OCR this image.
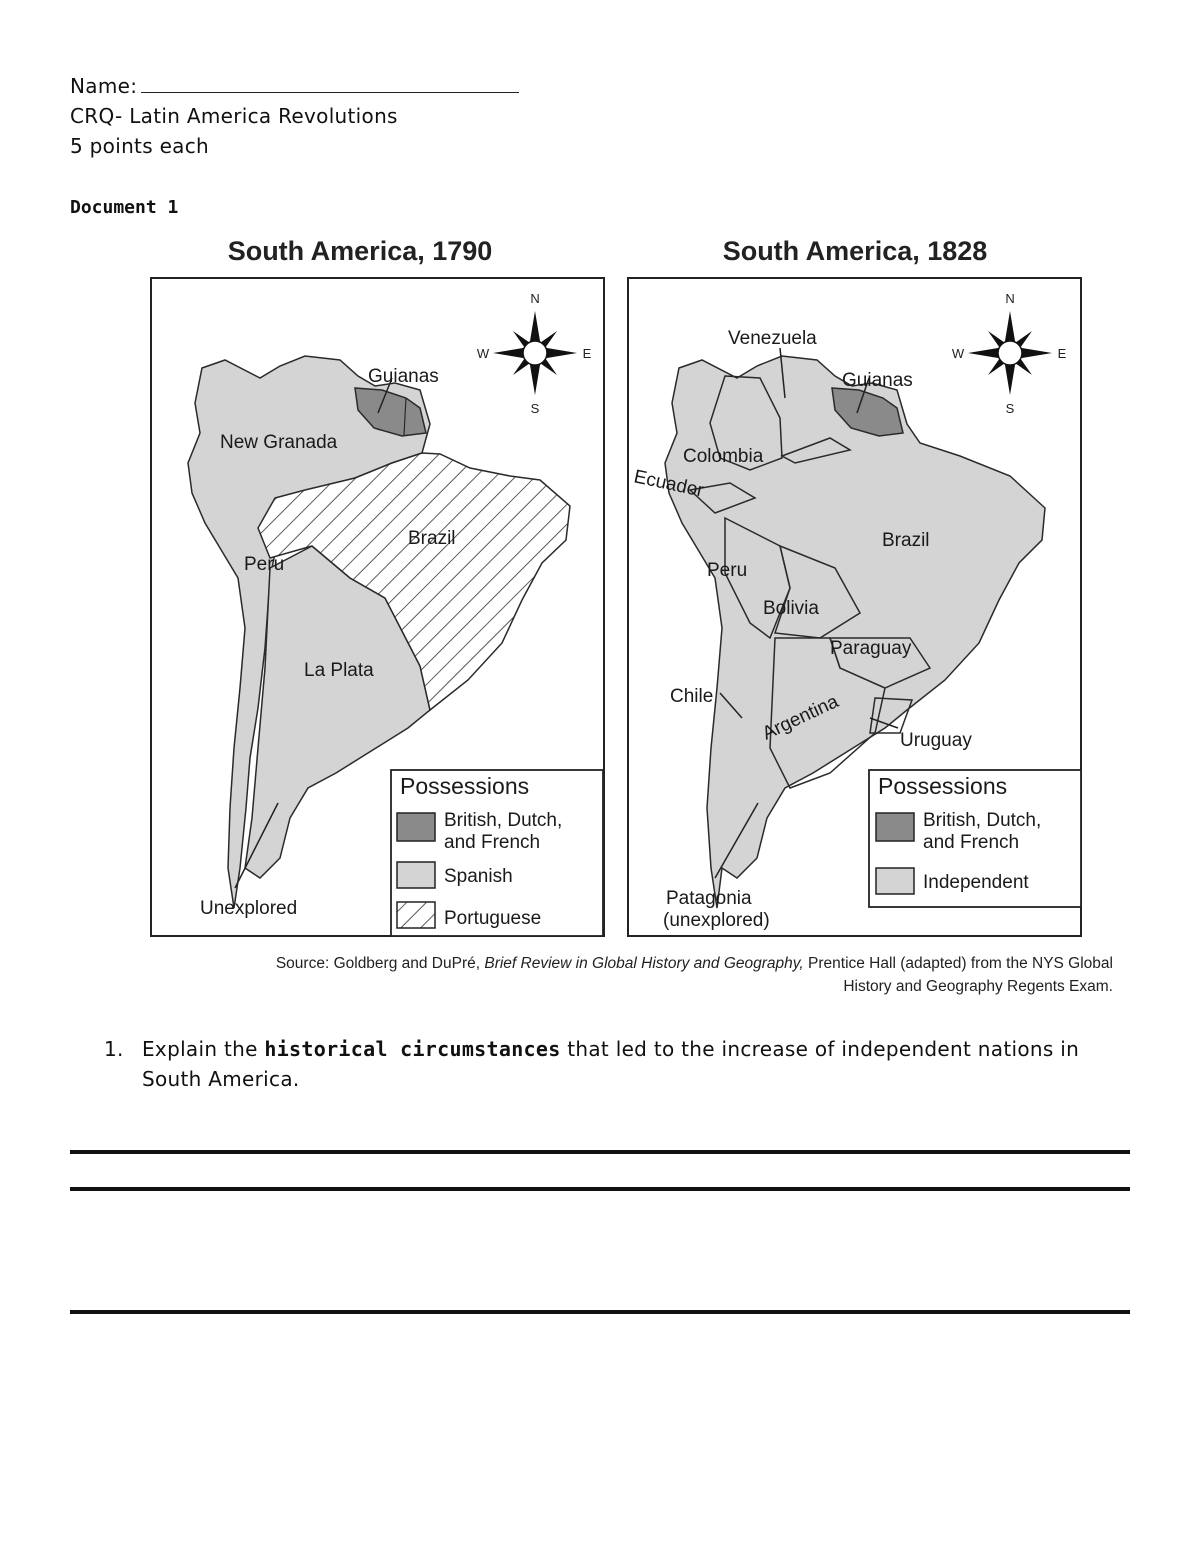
Name:
CRQ- Latin America Revolutions
5 points each
Document 1
South America, 1790
Guianas
New Granada
Brazil
Peru
La Plata
Unexplored
N
S
W	E
Possessions
British, Dutch,
and French
Spanish
Portuguese
South America, 1828
Venezuela
Guianas
Colombia
Ecuador
Brazil
Peru
Bolivia
Paraguay
Chile Argentina	Uruguay
Patagonia
(unexplored)
N
S
W	E
Possessions
British, Dutch,
and French
Independent
Source: Goldberg and DuPré, Brief Review in Global History and Geography, Prentice Hall (adapted) from the NYS Global
History and Geography Regents Exam.
1. Explain the historical circumstances that led to the increase of independent nations in South America.
